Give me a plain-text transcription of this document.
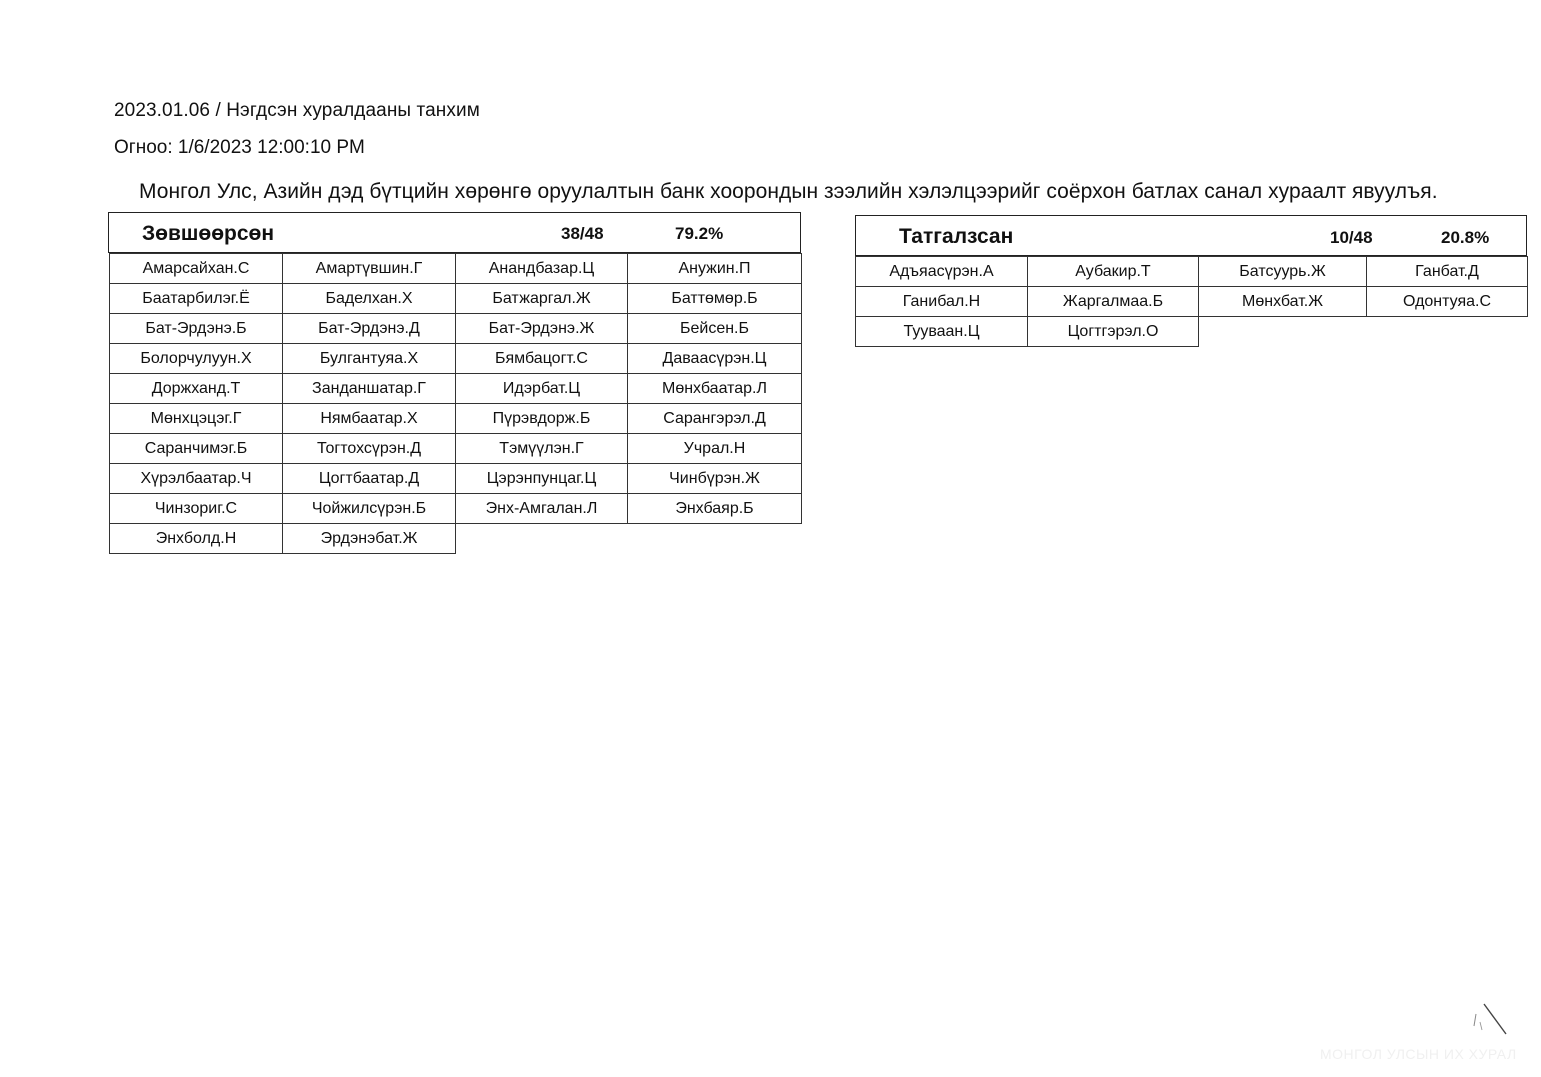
2023.01.06 / Нэгдсэн хуралдааны танхим
Огноо: 1/6/2023 12:00:10 PM
Монгол Улс, Азийн дэд бүтцийн хөрөнгө оруулалтын банк хоорондын зээлийн хэлэлцээрийг соёрхон батлах санал хураалт явуулъя.
Зөвшөөрсөн	38/48	79.2%
Амарсайхан.С	Амартүвшин.Г	Анандбазар.Ц	Анужин.П
Баатарбилэг.Ё	Баделхан.Х	Батжаргал.Ж	Баттөмөр.Б
Бат-Эрдэнэ.Б	Бат-Эрдэнэ.Д	Бат-Эрдэнэ.Ж	Бейсен.Б
Болорчулуун.Х	Булгантуяа.Х	Бямбацогт.С	Даваасүрэн.Ц
Доржханд.Т	Занданшатар.Г	Идэрбат.Ц	Мөнхбаатар.Л
Мөнхцэцэг.Г	Нямбаатар.Х	Пүрэвдорж.Б	Сарангэрэл.Д
Саранчимэг.Б	Тогтохсүрэн.Д	Тэмүүлэн.Г	Учрал.Н
Хүрэлбаатар.Ч	Цогтбаатар.Д	Цэрэнпунцаг.Ц	Чинбүрэн.Ж
Чинзориг.С	Чойжилсүрэн.Б	Энх-Амгалан.Л	Энхбаяр.Б
Энхболд.Н	Эрдэнэбат.Ж		
Татгалзсан	10/48	20.8%
Адъяасүрэн.А	Аубакир.Т	Батсуурь.Ж	Ганбат.Д
Ганибал.Н	Жаргалмаа.Б	Мөнхбат.Ж	Одонтуяа.С
Тууваан.Ц	Цогтгэрэл.О		
МОНГОЛ УЛСЫН ИХ ХУРАЛ
